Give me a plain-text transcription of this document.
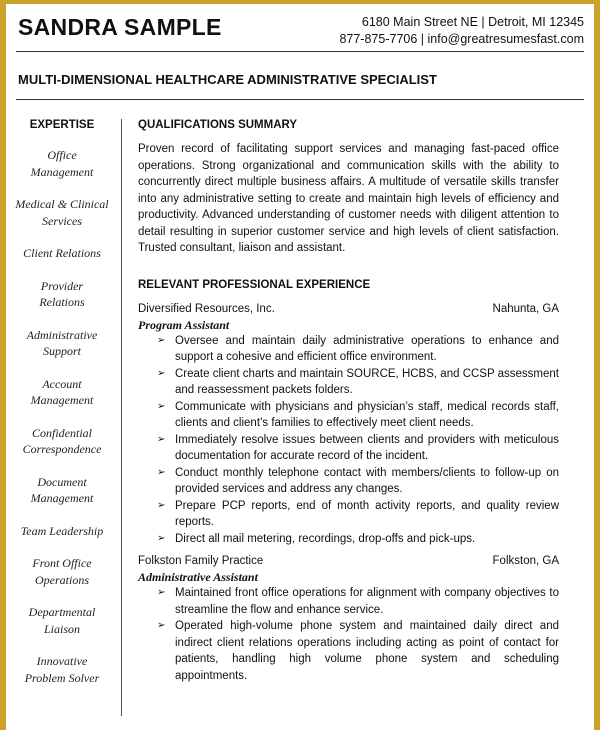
SANDRA SAMPLE	6180 Main Street NE | Detroit, MI 12345
877-875-7706 | info@greatresumesfast.com
MULTI-DIMENSIONAL HEALTHCARE ADMINISTRATIVE SPECIALIST
EXPERTISE
Office
Management
Medical & Clinical
Services
Client Relations
Provider
Relations
Administrative
Support
Account
Management
Confidential
Correspondence
Document
Management
Team Leadership
Front Office
Operations
Departmental
Liaison
Innovative
Problem Solver
QUALIFICATIONS SUMMARY

Proven record of facilitating support services and managing fast-paced office operations. Strong organizational and communication skills with the ability to concurrently direct multiple business affairs. A multitude of versatile skills transfer into any administrative setting to create and maintain high levels of efficiency and productivity. Advanced understanding of customer needs with diligent attention to detail resulting in superior customer service and high levels of client satisfaction. Trusted consultant, liaison and assistant.

RELEVANT PROFESSIONAL EXPERIENCE
Diversified Resources, Inc.	Nahunta, GA
Program Assistant
➢ Oversee and maintain daily administrative operations to enhance and support a cohesive and efficient office environment.
➢ Create client charts and maintain SOURCE, HCBS, and CCSP assessment and reassessment packets folders.
➢ Communicate with physicians and physician’s staff, medical records staff, clients and client’s families to effectively meet client needs.
➢ Immediately resolve issues between clients and providers with meticulous documentation for accurate record of the incident.
➢ Conduct monthly telephone contact with members/clients to follow-up on provided services and address any changes.
➢ Prepare PCP reports, end of month activity reports, and quality review reports.
➢ Direct all mail metering, recordings, drop-offs and pick-ups.
Folkston Family Practice	Folkston, GA
Administrative Assistant
➢ Maintained front office operations for alignment with company objectives to streamline the flow and enhance service.
➢ Operated high-volume phone system and maintained daily direct and indirect client relations operations including acting as point of contact for patients, handling high volume phone system and scheduling appointments.
